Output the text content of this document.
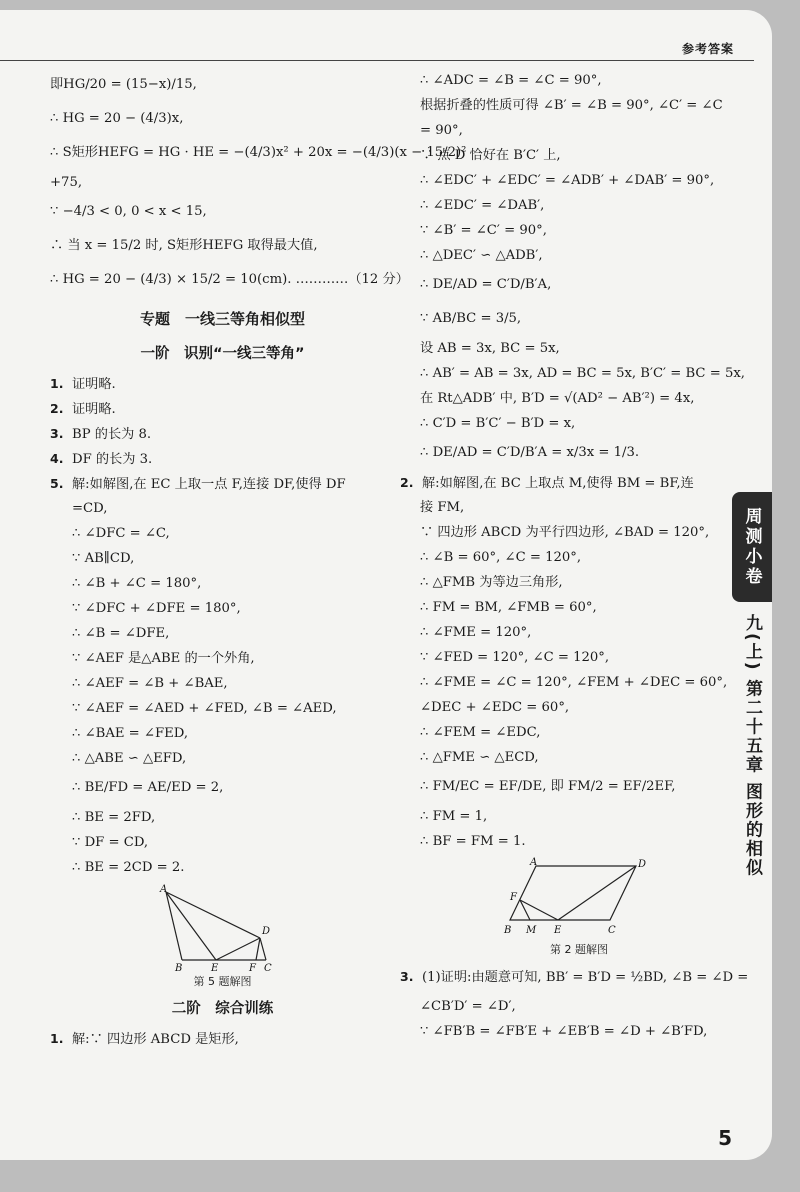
参考答案
即HG/20 = (15−x)/15,
∴ HG = 20 − (4/3)x,
∴ S矩形HEFG = HG · HE = −(4/3)x² + 20x = −(4/3)(x − 15/2)²
+75,
∵ −4/3 < 0, 0 < x < 15,
∴ 当 x = 15/2 时, S矩形HEFG 取得最大值,
∴ HG = 20 − (4/3) × 15/2 = 10(cm). …………（12 分）
专题　一线三等角相似型
一阶　识别“一线三等角”
1. 证明略.
2. 证明略.
3. BP 的长为 8.
4. DF 的长为 3.
5. 解:如解图,在 EC 上取一点 F,连接 DF,使得 DF
=CD,
∴ ∠DFC = ∠C,
∵ AB∥CD,
∴ ∠B + ∠C = 180°,
∵ ∠DFC + ∠DFE = 180°,
∴ ∠B = ∠DFE,
∵ ∠AEF 是△ABE 的一个外角,
∴ ∠AEF = ∠B + ∠BAE,
∵ ∠AEF = ∠AED + ∠FED, ∠B = ∠AED,
∴ ∠BAE = ∠FED,
∴ △ABE ∽ △EFD,
∴ BE/FD = AE/ED = 2,
∴ BE = 2FD,
∵ DF = CD,
∴ BE = 2CD = 2.
A
B	E	F C
D
第 5 题解图
二阶　综合训练
1. 解:∵ 四边形 ABCD 是矩形,
∴ ∠ADC = ∠B = ∠C = 90°,
根据折叠的性质可得 ∠B′ = ∠B = 90°, ∠C′ = ∠C
= 90°,
∵ 点 D 恰好在 B′C′ 上,
∴ ∠EDC′ + ∠EDC′ = ∠ADB′ + ∠DAB′ = 90°,
∴ ∠EDC′ = ∠DAB′,
∵ ∠B′ = ∠C′ = 90°,
∴ △DEC′ ∽ △ADB′,
∴ DE/AD = C′D/B′A,
∵ AB/BC = 3/5,
设 AB = 3x, BC = 5x,
∴ AB′ = AB = 3x, AD = BC = 5x, B′C′ = BC = 5x,
在 Rt△ADB′ 中, B′D = √(AD² − AB′²) = 4x,
∴ C′D = B′C′ − B′D = x,
∴ DE/AD = C′D/B′A = x/3x = 1/3.
2. 解:如解图,在 BC 上取点 M,使得 BM = BF,连
接 FM,
∵ 四边形 ABCD 为平行四边形, ∠BAD = 120°,
∴ ∠B = 60°, ∠C = 120°,
∴ △FMB 为等边三角形,
∴ FM = BM, ∠FMB = 60°,
∴ ∠FME = 120°,
∵ ∠FED = 120°, ∠C = 120°,
∴ ∠FME = ∠C = 120°, ∠FEM + ∠DEC = 60°,
∠DEC + ∠EDC = 60°,
∴ ∠FEM = ∠EDC,
∴ △FME ∽ △ECD,
∴ FM/EC = EF/DE, 即 FM/2 = EF/2EF,
∴ FM = 1,
∴ BF = FM = 1.
A	D
F
B M E	C
第 2 题解图
3. (1)证明:由题意可知, BB′ = B′D = ½BD, ∠B = ∠D =
∠CB′D′ = ∠D′,
∵ ∠FB′B = ∠FB′E + ∠EB′B = ∠D + ∠B′FD,
周测小卷
九(上) 第二十五章 图形的相似
5
